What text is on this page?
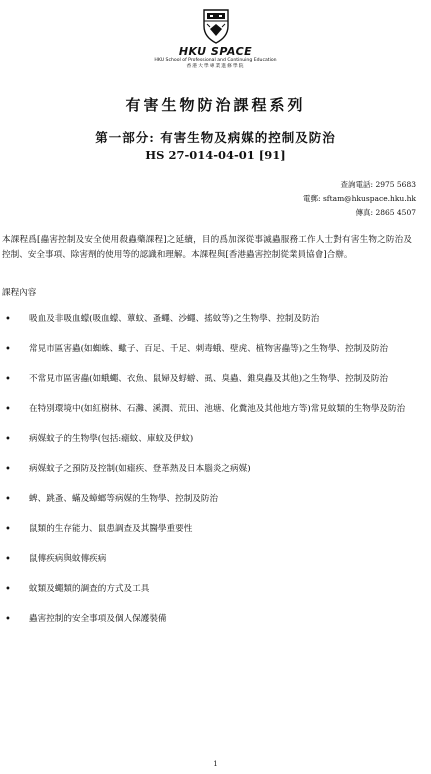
HKU SPACE
HKU School of Professional and Continuing Education
香港大學專業進修學院
有害生物防治課程系列
第一部分: 有害生物及病媒的控制及防治
HS 27-014-04-01 [91]
查詢電話: 2975 5683
電郵: sftam@hkuspace.hku.hk
傳真: 2865 4507
本課程爲[蟲害控制及安全使用殺蟲藥課程]之延續，目的爲加深從事滅蟲服務工作人士對有害生物之防治及控制、安全事項、除害劑的使用等的認識和理解。本課程與[香港蟲害控制從業員協會]合辦。
課程內容
• 吸血及非吸血蠓(吸血蠓、蕈蚊、蚤蠅、沙蠅、搖蚊等)之生物學、控制及防治
• 常見市區害蟲(如蜘蛛、蠍子、百足、千足、刺毒蛾、壁虎、植物害蟲等)之生物學、控制及防治
• 不常見市區害蟲(如蛾蠅、衣魚、鼠婦及蜉蝣、虱、臭蟲、錐臭蟲及其他)之生物學、控制及防治
• 在特別環境中(如紅樹林、石灘、溪澗、荒田、池塘、化糞池及其他地方等)常見蚊類的生物學及防治
• 病媒蚊子的生物學(包括:瘧蚊、庫蚊及伊蚊)
• 病媒蚊子之預防及控制(如瘧疾、登革熱及日本腦炎之病媒)
• 蜱、跳蚤、蟎及蟑螂等病媒的生物學、控制及防治
• 鼠類的生存能力、鼠患調查及其醫學重要性
• 鼠傳疾病與蚊傳疾病
• 蚊類及蠅類的調查的方式及工具
• 蟲害控制的安全事項及個人保護裝備
1
